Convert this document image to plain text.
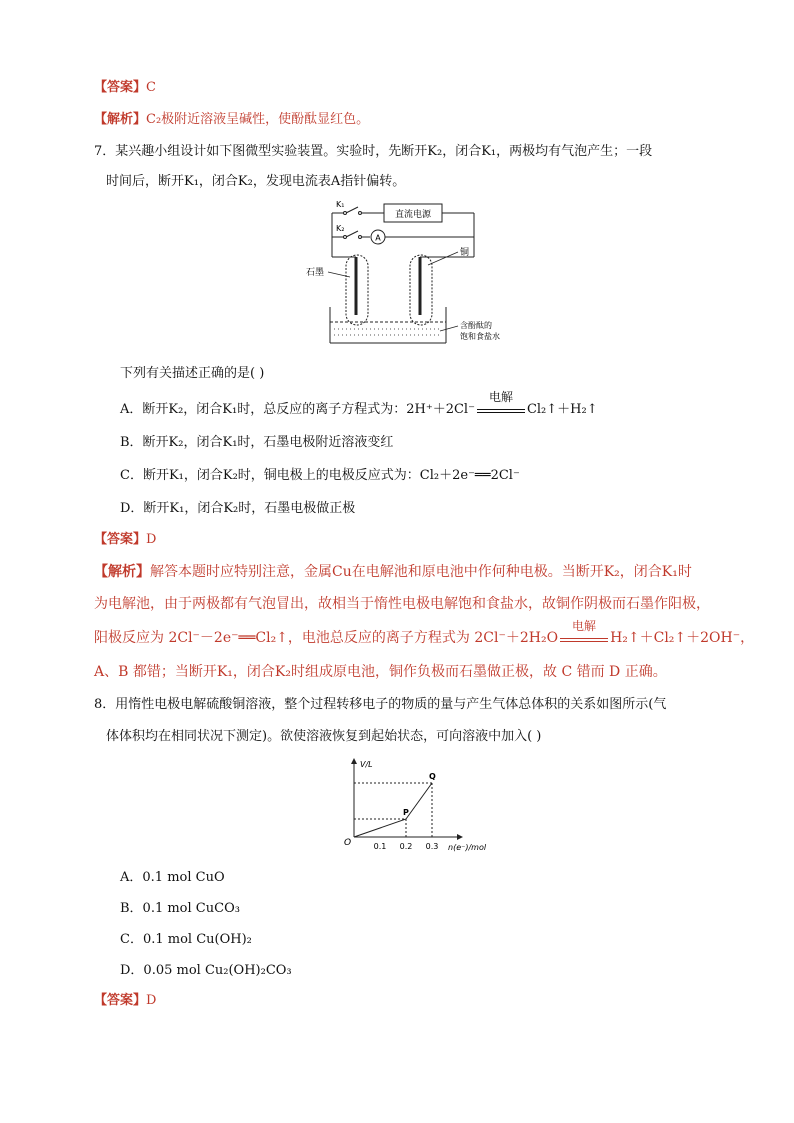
【答案】C
【解析】C₂极附近溶液呈碱性，使酚酞显红色。
7．某兴趣小组设计如下图微型实验装置。实验时，先断开K₂，闭合K₁，两极均有气泡产生；一段
时间后，断开K₁，闭合K₂，发现电流表A指针偏转。
K₁
直流电源
K₂
A
石墨
铜
含酚酞的
饱和食盐水
下列有关描述正确的是( )
A．断开K₂，闭合K₁时，总反应的离子方程式为：2H⁺＋2Cl⁻
电解
Cl₂↑＋H₂↑
B．断开K₂，闭合K₁时，石墨电极附近溶液变红
C．断开K₁，闭合K₂时，铜电极上的电极反应式为：Cl₂＋2e⁻══2Cl⁻
D．断开K₁，闭合K₂时，石墨电极做正极
【答案】D
【解析】解答本题时应特别注意，金属Cu在电解池和原电池中作何种电极。当断开K₂，闭合K₁时
为电解池，由于两极都有气泡冒出，故相当于惰性电极电解饱和食盐水，故铜作阴极而石墨作阳极，
阳极反应为 2Cl⁻－2e⁻══Cl₂↑，电池总反应的离子方程式为 2Cl⁻＋2H₂O
电解
H₂↑＋Cl₂↑＋2OH⁻，
A、B 都错；当断开K₁，闭合K₂时组成原电池，铜作负极而石墨做正极，故 C 错而 D 正确。
8．用惰性电极电解硫酸铜溶液，整个过程转移电子的物质的量与产生气体总体积的关系如图所示(气
体体积均在相同状况下测定)。欲使溶液恢复到起始状态，可向溶液中加入( )
V/L
O	n(e⁻)/mol
0.1 0.2 0.3
P
Q
A．0.1 mol CuO
B．0.1 mol CuCO₃
C．0.1 mol Cu(OH)₂
D．0.05 mol Cu₂(OH)₂CO₃
【答案】D
